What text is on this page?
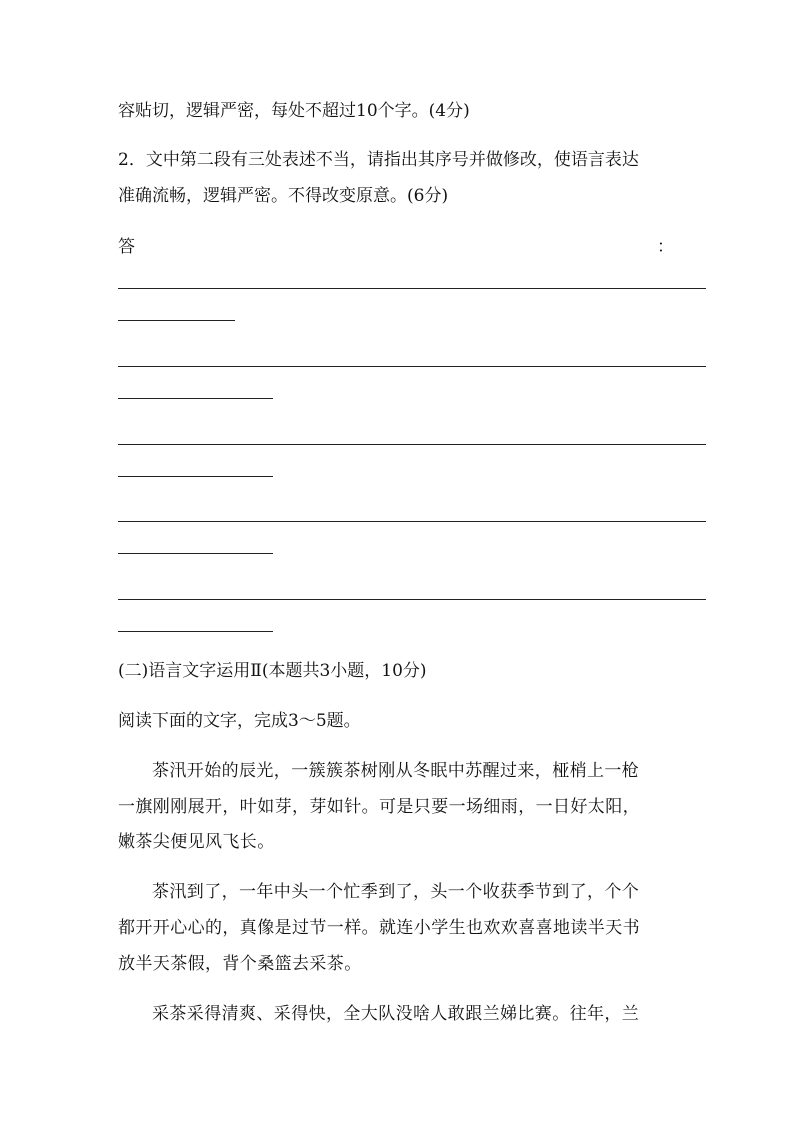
容贴切，逻辑严密，每处不超过10个字。(4分)
2．文中第二段有三处表述不当，请指出其序号并做修改，使语言表达
准确流畅，逻辑严密。不得改变原意。(6分)
答	：
(二)语言文字运用Ⅱ(本题共3小题，10分)
阅读下面的文字，完成3～5题。
茶汛开始的辰光，一簇簇茶树刚从冬眠中苏醒过来，桠梢上一枪
一旗刚刚展开，叶如芽，芽如针。可是只要一场细雨，一日好太阳，
嫩茶尖便见风飞长。
茶汛到了，一年中头一个忙季到了，头一个收获季节到了，个个
都开开心心的，真像是过节一样。就连小学生也欢欢喜喜地读半天书
放半天茶假，背个桑篮去采茶。
采茶采得清爽、采得快，全大队没啥人敢跟兰娣比赛。往年，兰
